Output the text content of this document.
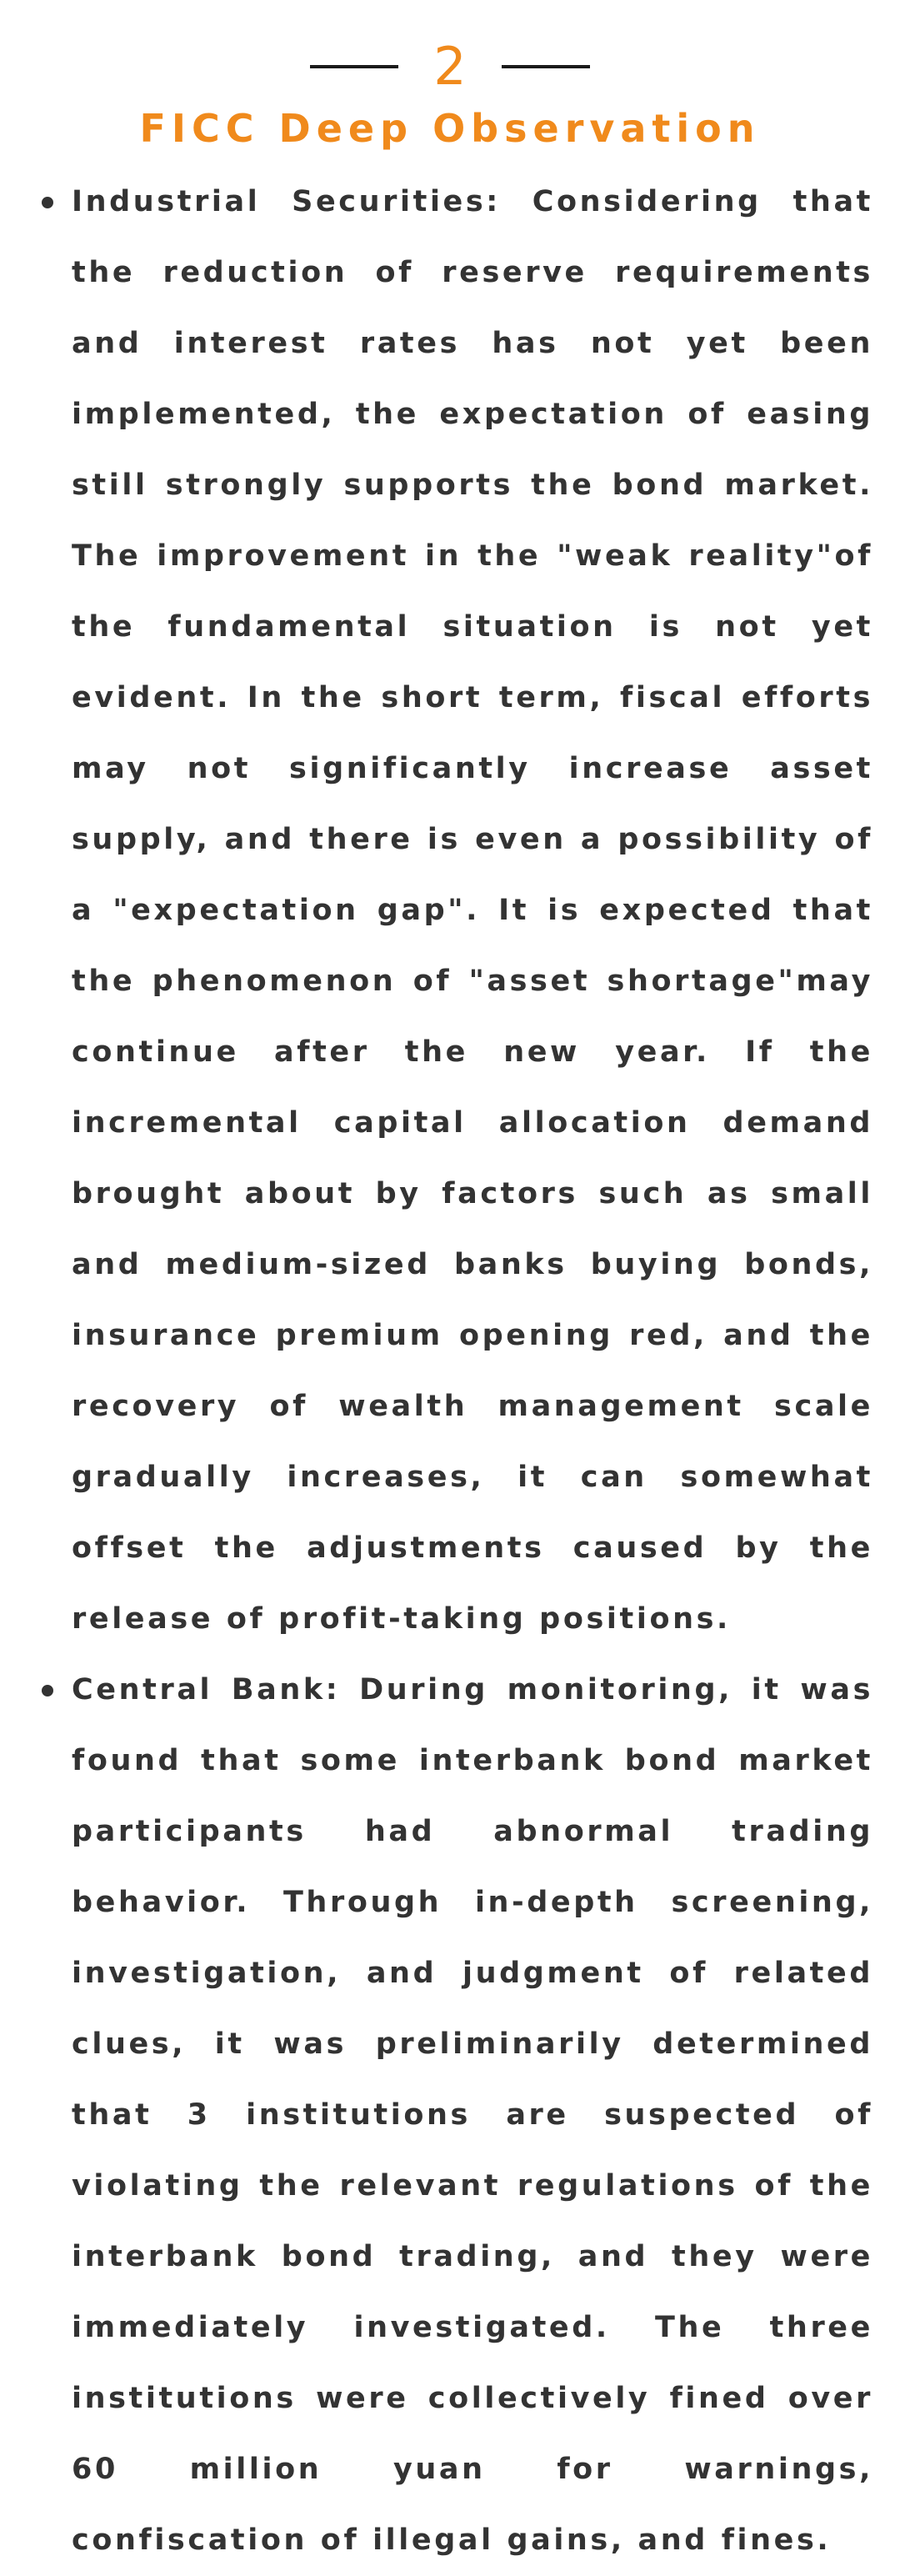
2
FICC Deep Observation
Industrial Securities: Considering that the reduction of reserve requirements and interest rates has not yet been implemented, the expectation of easing still strongly supports the bond market. The improvement in the "weak reality"of the fundamental situation is not yet evident. In the short term, fiscal efforts may not significantly increase asset supply, and there is even a possibility of a "expectation gap". It is expected that the phenomenon of "asset shortage"may continue after the new year. If the incremental capital allocation demand brought about by factors such as small and medium-sized banks buying bonds, insurance premium opening red, and the recovery of wealth management scale gradually increases, it can somewhat offset the adjustments caused by the release of profit-taking positions.
Central Bank: During monitoring, it was found that some interbank bond market participants had abnormal trading behavior. Through in-depth screening, investigation, and judgment of related clues, it was preliminarily determined that 3 institutions are suspected of violating the relevant regulations of the interbank bond trading, and they were immediately investigated. The three institutions were collectively fined over 60 million yuan for warnings, confiscation of illegal gains, and fines.
